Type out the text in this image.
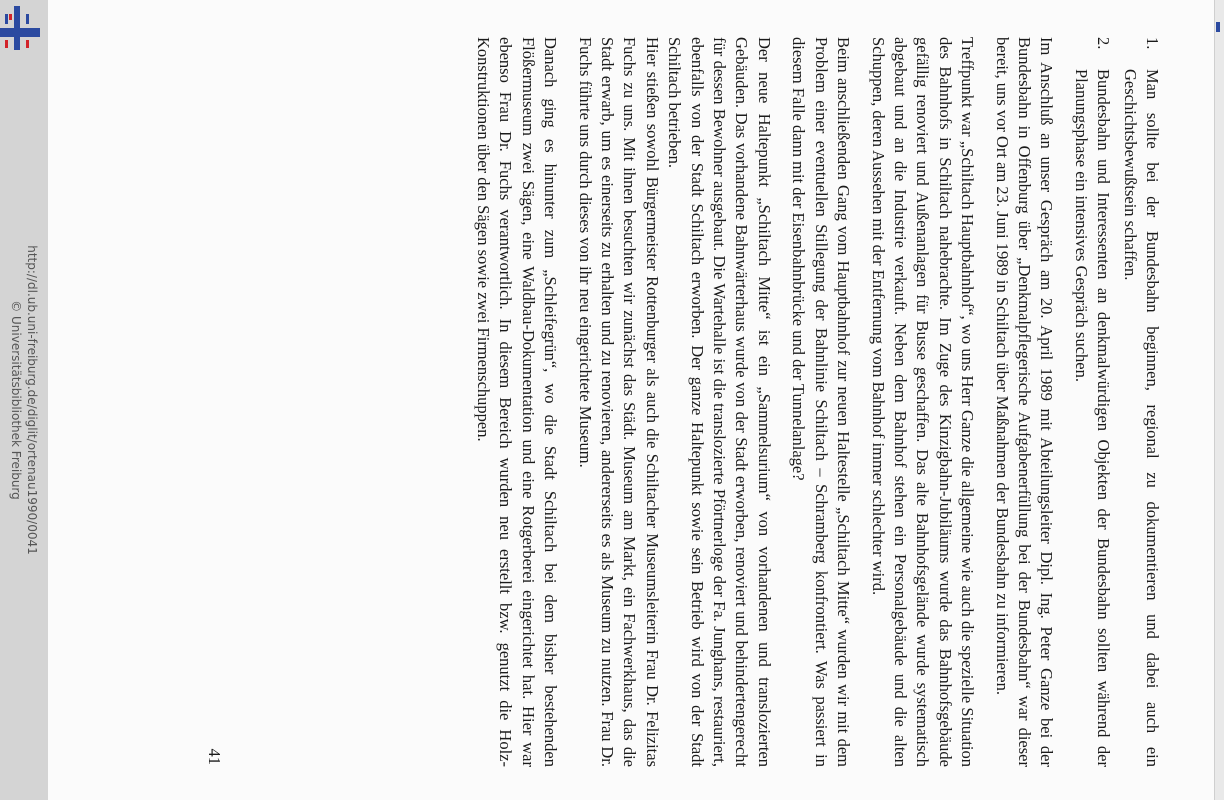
http://dl.ub.uni-freiburg.de/diglit/ortenau1990/0041
© Universitätsbibliothek Freiburg
1.
Man sollte bei der Bundesbahn beginnen, regional zu dokumentieren und dabei auch ein Geschichtsbewußtsein schaffen.
2.
Bundesbahn und Interessenten an denkmalwürdigen Objekten der Bundesbahn sollten während der Planungsphase ein intensives Gespräch suchen.

Im Anschluß an unser Gespräch am 20. April 1989 mit Abteilungsleiter Dipl. Ing. Peter Ganze bei der Bundesbahn in Offenburg über „Denkmalpflegerische Aufgabenerfüllung bei der Bundesbahn“ war dieser bereit, uns vor Ort am 23. Juni 1989 in Schiltach über Maßnahmen der Bundesbahn zu informieren.

Treffpunkt war „Schiltach Hauptbahnhof“, wo uns Herr Ganze die allgemeine wie auch die spezielle Situation des Bahnhofs in Schiltach nahebrachte. Im Zuge des Kinzigbahn-Jubiläums wurde das Bahnhofsgebäude gefällig renoviert und Außenanlagen für Busse geschaffen. Das alte Bahnhofsgelände wurde systematisch abgebaut und an die Industrie verkauft. Neben dem Bahnhof stehen ein Personalgebäude und die alten Schuppen, deren Aussehen mit der Entfernung vom Bahnhof immer schlechter wird.

Beim anschließenden Gang vom Hauptbahnhof zur neuen Haltestelle „Schiltach Mitte“ wurden wir mit dem Problem einer eventuellen Stillegung der Bahnlinie Schiltach – Schramberg konfrontiert. Was passiert in diesem Falle dann mit der Eisenbahnbrücke und der Tunnelanlage?

Der neue Haltepunkt „Schiltach Mitte“ ist ein „Sammelsurium“ von vorhandenen und translozierten Gebäuden. Das vorhandene Bahnwärterhaus wurde von der Stadt erworben, renoviert und behindertengerecht für dessen Bewohner ausgebaut. Die Wartehalle ist die translozierte Pförtnerloge der Fa. Junghans, restauriert, ebenfalls von der Stadt Schiltach erworben. Der ganze Haltepunkt sowie sein Betrieb wird von der Stadt Schiltach betrieben.

Hier stießen sowohl Bürgermeister Rottenburger als auch die Schiltacher Museumsleiterin Frau Dr. Felizitas Fuchs zu uns. Mit ihnen besuchten wir zunächst das Städt. Museum am Markt, ein Fachwerkhaus, das die Stadt erwarb, um es einerseits zu erhalten und zu renovieren, andererseits es als Museum zu nutzen. Frau Dr. Fuchs führte uns durch dieses von ihr neu eingerichtete Museum.

Danach ging es hinunter zum „Schleifegrün“, wo die Stadt Schiltach bei dem bisher bestehenden Flößermuseum zwei Sägen, eine Waldbau-Dokumentation und eine Rotgerberei eingerichtet hat. Hier war ebenso Frau Dr. Fuchs verantwortlich. In diesem Bereich wurden neu erstellt bzw. genutzt die Holz-Konstruktionen über den Sägen sowie zwei Firmenschuppen.

41
